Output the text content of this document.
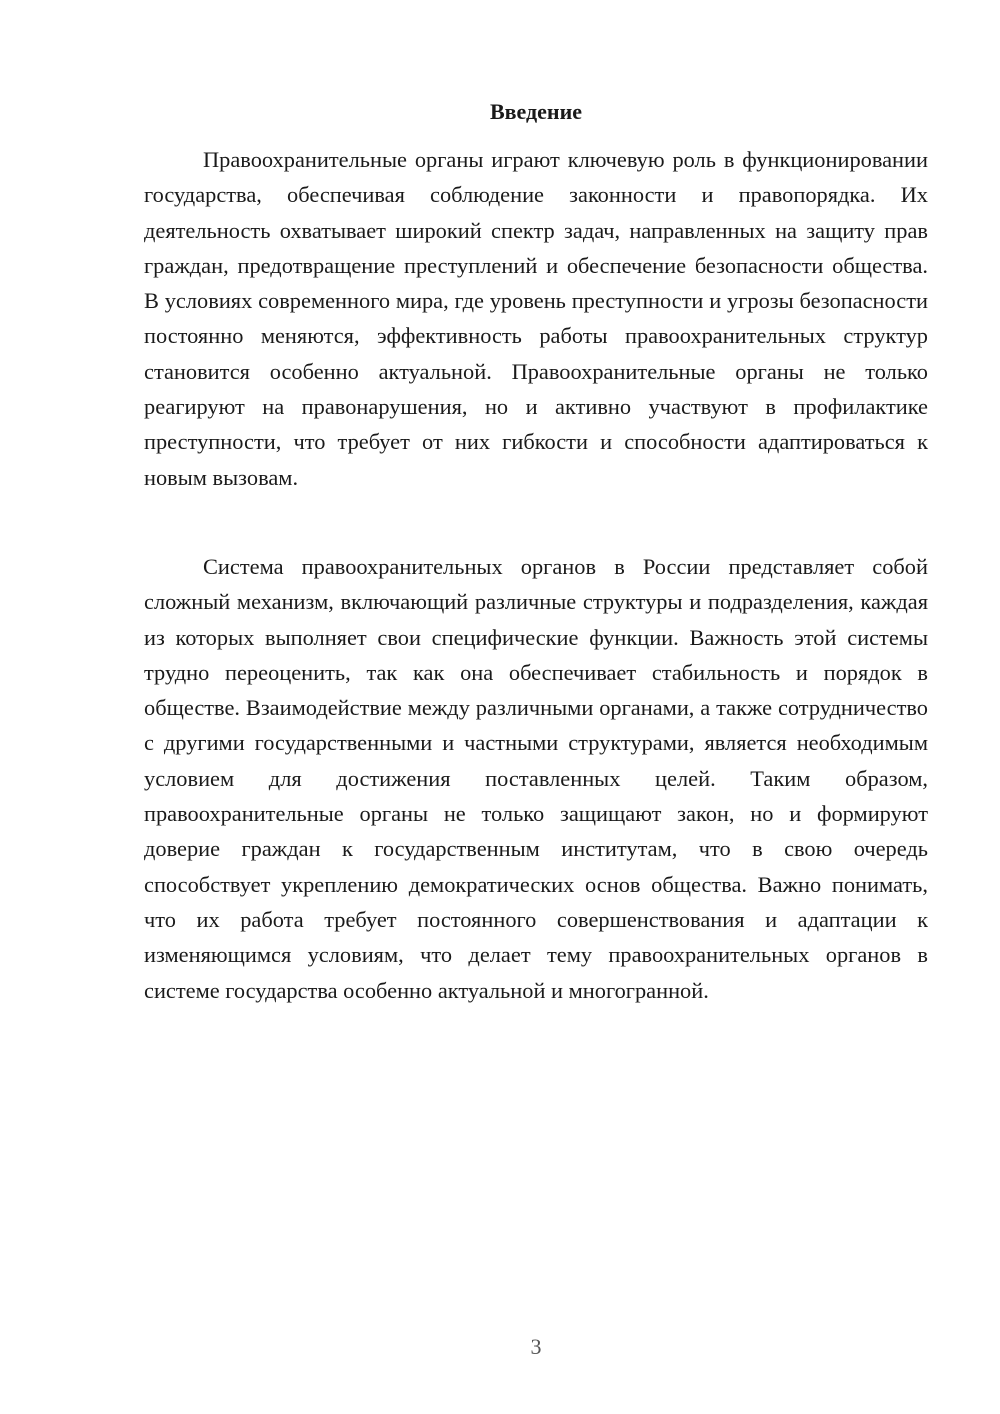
Введение

Правоохранительные органы играют ключевую роль в функционировании государства, обеспечивая соблюдение законности и правопорядка. Их деятельность охватывает широкий спектр задач, направленных на защиту прав граждан, предотвращение преступлений и обеспечение безопасности общества. В условиях современного мира, где уровень преступности и угрозы безопасности постоянно меняются, эффективность работы правоохранительных структур становится особенно актуальной. Правоохранительные органы не только реагируют на правонарушения, но и активно участвуют в профилактике преступности, что требует от них гибкости и способности адаптироваться к новым вызовам.

Система правоохранительных органов в России представляет собой сложный механизм, включающий различные структуры и подразделения, каждая из которых выполняет свои специфические функции. Важность этой системы трудно переоценить, так как она обеспечивает стабильность и порядок в обществе. Взаимодействие между различными органами, а также сотрудничество с другими государственными и частными структурами, является необходимым условием для достижения поставленных целей. Таким образом, правоохранительные органы не только защищают закон, но и формируют доверие граждан к государственным институтам, что в свою очередь способствует укреплению демократических основ общества. Важно понимать, что их работа требует постоянного совершенствования и адаптации к изменяющимся условиям, что делает тему правоохранительных органов в системе государства особенно актуальной и многогранной.

3
